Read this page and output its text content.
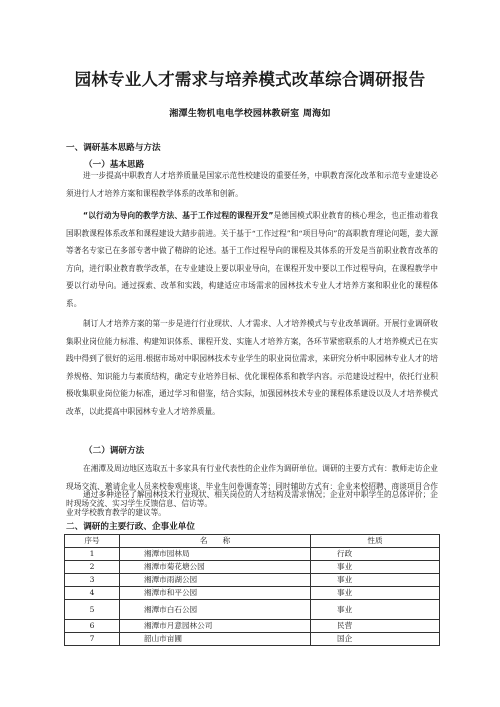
园林专业人才需求与培养模式改革综合调研报告
湘潭生物机电电学校园林教研室 周海如
一、调研基本思路与方法
（一）基本思路

进一步提高中职教育人才培养质量是国家示范性校建设的重要任务，中职教育深化改革和示范专业建设必须进行人才培养方案和课程教学体系的改革和创新。

“以行动为导向的教学方法、基于工作过程的课程开发”是德国模式职业教育的核心理念，也正推动着我国职教课程体系改革和课程建设大踏步前进。关于基于“工作过程”和“项目导向”的高职教育理论问题，姜大源等著名专家已在多部专著中做了精辟的论述。基于工作过程导向的课程及其体系的开发是当前职业教育改革的方向，进行职业教育教学改革，在专业建设上要以职业导向，在课程开发中要以工作过程导向，在课程教学中要以行动导向。通过探索、改革和实践，构建适应市场需求的园林技术专业人才培养方案和职业化的课程体系。

制订人才培养方案的第一步是进行行业现状、人才需求、人才培养模式与专业改革调研。开展行业调研收集职业岗位能力标准、构建知识体系、课程开发、实施人才培养方案，各环节紧密联系的人才培养模式已在实践中得到了很好的运用.根据市场对中职园林技术专业学生的职业岗位需求，来研究分析中职园林专业人才的培养规格、知识能力与素质结构，确定专业培养目标、优化课程体系和教学内容。示范建设过程中，依托行业积极收集职业岗位能力标准，通过学习和借鉴，结合实际，加强园林技术专业的课程体系建设以及人才培养模式改革，以此提高中职园林专业人才培养质量。

（二）调研方法

在湘潭及周边地区选取五十多家具有行业代表性的企业作为调研单位。调研的主要方式有：教师走访企业现场交流、邀请企业人员来校参观座谈，毕业生问卷调查等；同时辅助方式有：企业来校招聘、商谈项目合作时现场交流、实习学生反馈信息、信访等。

通过多种途径了解园林技术行业现状、相关岗位的人才结构及需求情况；企业对中职学生的总体评价；企业对学校教育教学的建议等。

二、调研的主要行政、企事业单位
序号	名　　称	性质
1	湘潭市园林局	行政
2	湘潭市菊花塘公园	事业
3	湘潭市雨湖公园	事业
4	湘潭市和平公园	事业
5	湘潭市白石公园	事业
6	湘潭市月意园林公司	民营
7	韶山市亩圃	国企
